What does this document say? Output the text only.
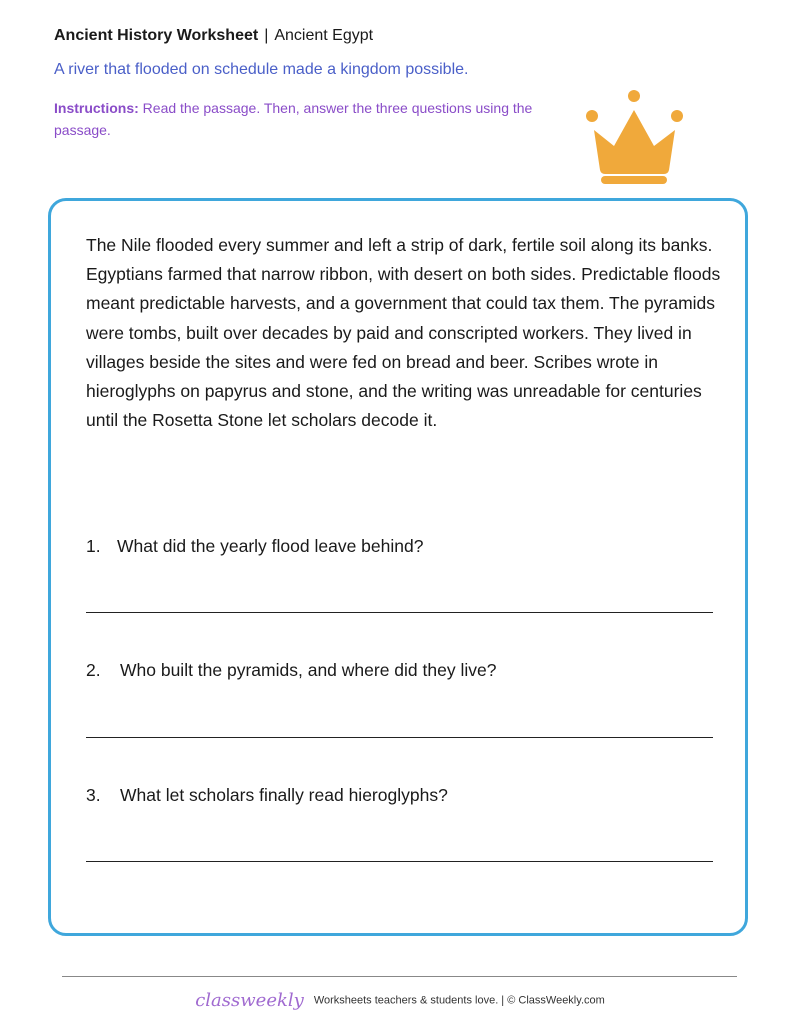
Ancient History Worksheet | Ancient Egypt
A river that flooded on schedule made a kingdom possible.
Instructions: Read the passage. Then, answer the three questions using the passage.
The Nile flooded every summer and left a strip of dark, fertile soil along its banks. Egyptians farmed that narrow ribbon, with desert on both sides. Predictable floods meant predictable harvests, and a government that could tax them. The pyramids were tombs, built over decades by paid and conscripted workers. They lived in villages beside the sites and were fed on bread and beer. Scribes wrote in hieroglyphs on papyrus and stone, and the writing was unreadable for centuries until the Rosetta Stone let scholars decode it.
1. What did the yearly flood leave behind?
2. Who built the pyramids, and where did they live?
3. What let scholars finally read hieroglyphs?
classweekly Worksheets teachers & students love. | © ClassWeekly.com
